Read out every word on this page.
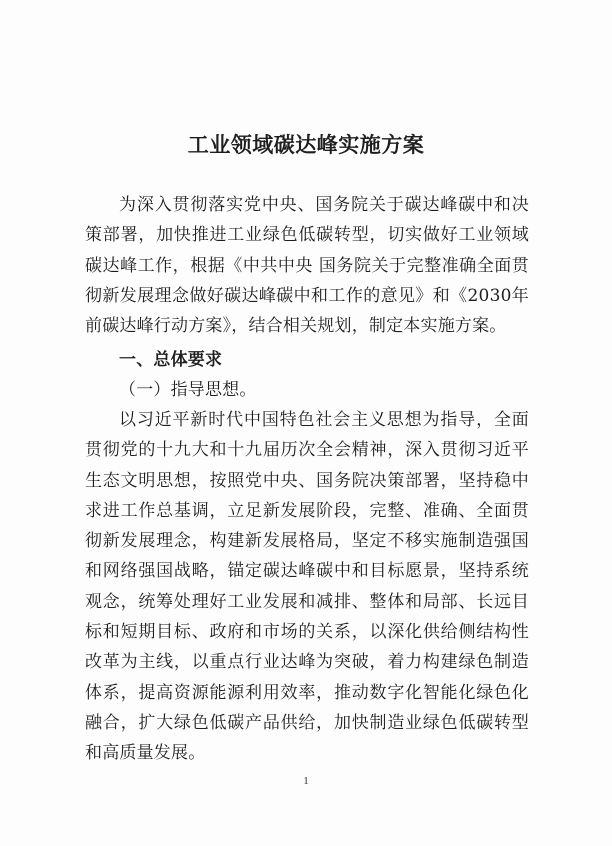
工业领域碳达峰实施方案

为深入贯彻落实党中央、国务院关于碳达峰碳中和决策部署，加快推进工业绿色低碳转型，切实做好工业领域碳达峰工作，根据《中共中央 国务院关于完整准确全面贯彻新发展理念做好碳达峰碳中和工作的意见》和《2030年前碳达峰行动方案》，结合相关规划，制定本实施方案。

一、总体要求

（一）指导思想。

以习近平新时代中国特色社会主义思想为指导，全面贯彻党的十九大和十九届历次全会精神，深入贯彻习近平生态文明思想，按照党中央、国务院决策部署，坚持稳中求进工作总基调，立足新发展阶段，完整、准确、全面贯彻新发展理念，构建新发展格局，坚定不移实施制造强国和网络强国战略，锚定碳达峰碳中和目标愿景，坚持系统观念，统筹处理好工业发展和减排、整体和局部、长远目标和短期目标、政府和市场的关系，以深化供给侧结构性改革为主线，以重点行业达峰为突破，着力构建绿色制造体系，提高资源能源利用效率，推动数字化智能化绿色化融合，扩大绿色低碳产品供给，加快制造业绿色低碳转型和高质量发展。

1
